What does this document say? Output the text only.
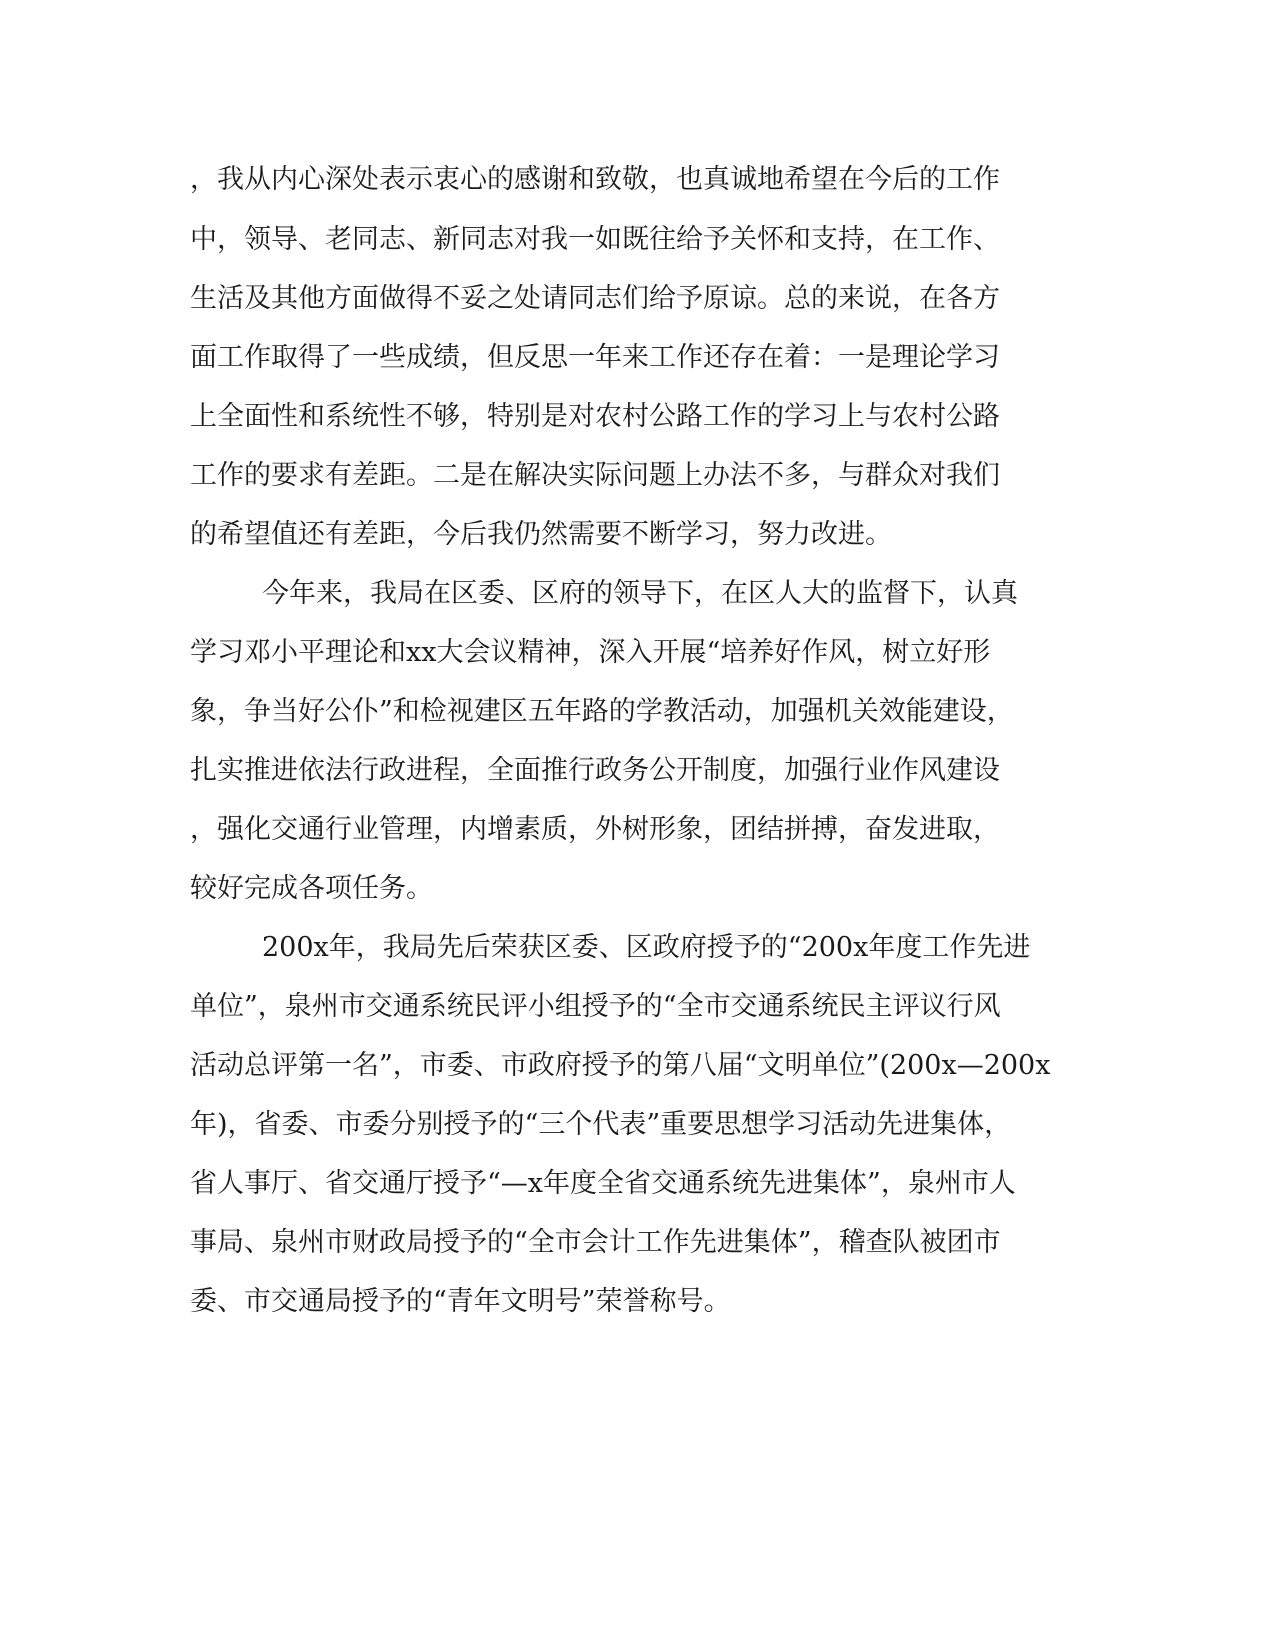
，我从内心深处表示衷心的感谢和致敬，也真诚地希望在今后的工作
中，领导、老同志、新同志对我一如既往给予关怀和支持，在工作、
生活及其他方面做得不妥之处请同志们给予原谅。总的来说，在各方
面工作取得了一些成绩，但反思一年来工作还存在着：一是理论学习
上全面性和系统性不够，特别是对农村公路工作的学习上与农村公路
工作的要求有差距。二是在解决实际问题上办法不多，与群众对我们
的希望值还有差距，今后我仍然需要不断学习，努力改进。
今年来，我局在区委、区府的领导下，在区人大的监督下，认真
学习邓小平理论和xx大会议精神，深入开展“培养好作风，树立好形
象，争当好公仆”和检视建区五年路的学教活动，加强机关效能建设，
扎实推进依法行政进程，全面推行政务公开制度，加强行业作风建设
，强化交通行业管理，内增素质，外树形象，团结拼搏，奋发进取，
较好完成各项任务。
200x年，我局先后荣获区委、区政府授予的“200x年度工作先进
单位”，泉州市交通系统民评小组授予的“全市交通系统民主评议行风
活动总评第一名”，市委、市政府授予的第八届“文明单位”(200x—200x
年)，省委、市委分别授予的“三个代表”重要思想学习活动先进集体，
省人事厅、省交通厅授予“—x年度全省交通系统先进集体”，泉州市人
事局、泉州市财政局授予的“全市会计工作先进集体”，稽查队被团市
委、市交通局授予的“青年文明号”荣誉称号。
